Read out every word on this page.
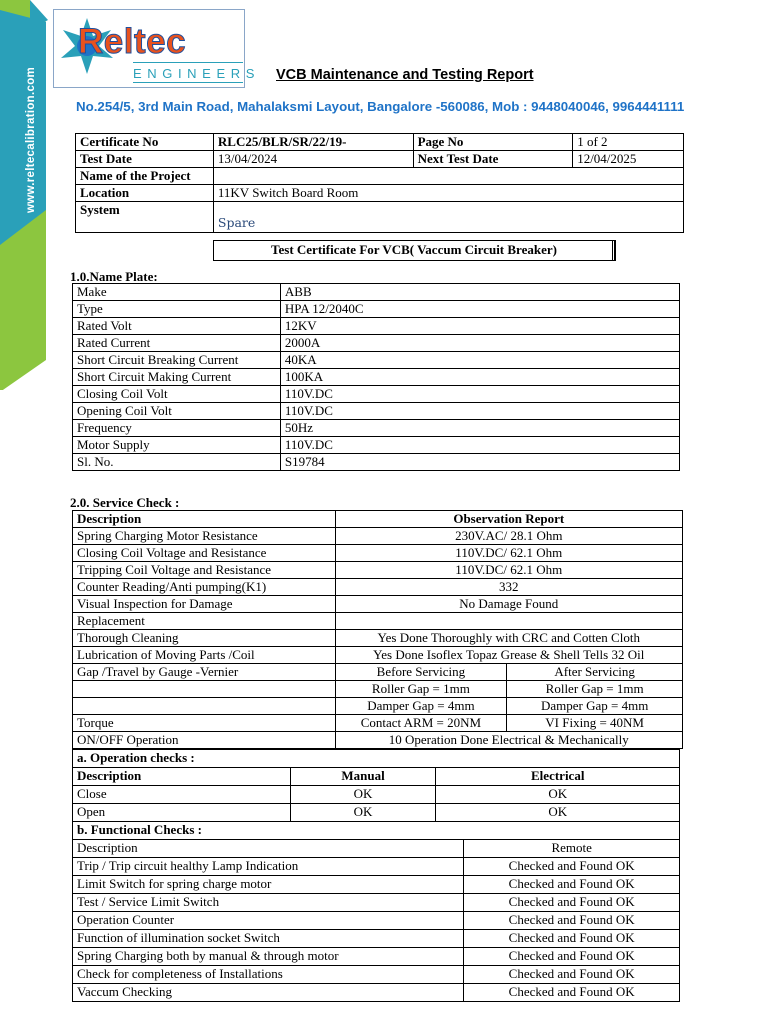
www.reltecalibration.com
Reltec
ENGINEERS VCB Maintenance and Testing Report
No.254/5, 3rd Main Road, Mahalaksmi Layout, Bangalore -560086, Mob : 9448040046, 9964441111
Certificate No	RLC25/BLR/SR/22/19-	Page No	1 of 2
Test Date	13/04/2024	Next Test Date	12/04/2025
Name of the Project			
Location	11KV Switch Board Room		
System	Spare		
Test Certificate For VCB( Vaccum Circuit Breaker)
1.0.Name Plate:
Make	ABB
Type	HPA 12/2040C
Rated Volt	12KV
Rated Current	2000A
Short Circuit Breaking Current	40KA
Short Circuit Making Current	100KA
Closing Coil Volt	110V.DC
Opening Coil Volt	110V.DC
Frequency	50Hz
Motor Supply	110V.DC
Sl. No.	S19784
2.0. Service Check :
Description	Observation Report	
Spring Charging Motor Resistance	230V.AC/ 28.1 Ohm	
Closing Coil Voltage and Resistance	110V.DC/ 62.1 Ohm	
Tripping Coil Voltage and Resistance	110V.DC/ 62.1 Ohm	
Counter Reading/Anti pumping(K1)	332	
Visual Inspection for Damage	No Damage Found	
Replacement		
Thorough Cleaning	Yes Done Thoroughly with CRC and Cotten Cloth	
Lubrication of Moving Parts /Coil	Yes Done Isoflex Topaz Grease & Shell Tells 32 Oil	
Gap /Travel by Gauge -Vernier	Before Servicing	After Servicing
	Roller Gap = 1mm	Roller Gap = 1mm
	Damper Gap = 4mm	Damper Gap = 4mm
Torque	Contact ARM = 20NM	VI Fixing = 40NM
ON/OFF Operation	10 Operation Done Electrical & Mechanically	
a. Operation checks :			
Description	Manual	Electrical	
Close	OK	OK	
Open	OK	OK	
b. Functional Checks :			
Description			Remote
Trip / Trip circuit healthy Lamp Indication			Checked and Found OK
Limit Switch for spring charge motor			Checked and Found OK
Test / Service Limit Switch			Checked and Found OK
Operation Counter			Checked and Found OK
Function of illumination socket Switch			Checked and Found OK
Spring Charging both by manual & through motor			Checked and Found OK
Check for completeness of Installations			Checked and Found OK
Vaccum Checking			Checked and Found OK
